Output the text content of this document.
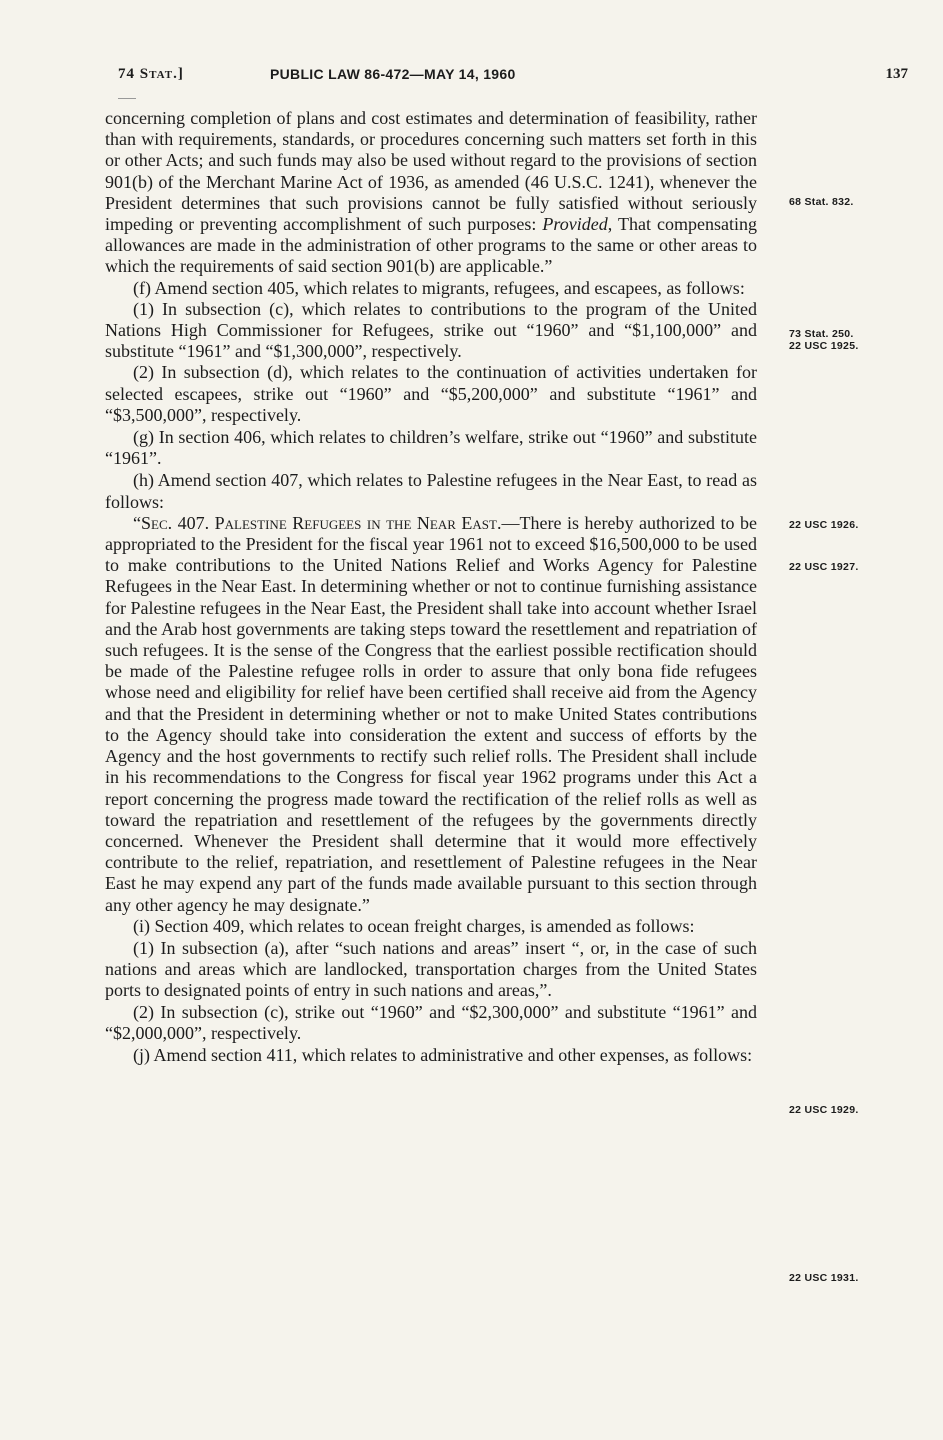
74 Stat.]	PUBLIC LAW 86-472—MAY 14, 1960	137

concerning completion of plans and cost estimates and determination of feasibility, rather than with requirements, standards, or procedures concerning such matters set forth in this or other Acts; and such funds may also be used without regard to the provisions of section 901(b) of the Merchant Marine Act of 1936, as amended (46 U.S.C. 1241), whenever the President determines that such provisions cannot be fully satisfied without seriously impeding or preventing accomplishment of such purposes: Provided, That compensating allowances are made in the administration of other programs to the same or other areas to which the requirements of said section 901(b) are applicable.”

(f) Amend section 405, which relates to migrants, refugees, and escapees, as follows:

(1) In subsection (c), which relates to contributions to the program of the United Nations High Commissioner for Refugees, strike out “1960” and “$1,100,000” and substitute “1961” and “$1,300,000”, respectively.

(2) In subsection (d), which relates to the continuation of activities undertaken for selected escapees, strike out “1960” and “$5,200,000” and substitute “1961” and “$3,500,000”, respectively.

(g) In section 406, which relates to children’s welfare, strike out “1960” and substitute “1961”.

(h) Amend section 407, which relates to Palestine refugees in the Near East, to read as follows:

“Sec. 407. Palestine Refugees in the Near East.—There is hereby authorized to be appropriated to the President for the fiscal year 1961 not to exceed $16,500,000 to be used to make contributions to the United Nations Relief and Works Agency for Palestine Refugees in the Near East. In determining whether or not to continue furnishing assistance for Palestine refugees in the Near East, the President shall take into account whether Israel and the Arab host governments are taking steps toward the resettlement and repatriation of such refugees. It is the sense of the Congress that the earliest possible rectification should be made of the Palestine refugee rolls in order to assure that only bona fide refugees whose need and eligibility for relief have been certified shall receive aid from the Agency and that the President in determining whether or not to make United States contributions to the Agency should take into consideration the extent and success of efforts by the Agency and the host governments to rectify such relief rolls. The President shall include in his recommendations to the Congress for fiscal year 1962 programs under this Act a report concerning the progress made toward the rectification of the relief rolls as well as toward the repatriation and resettlement of the refugees by the governments directly concerned. Whenever the President shall determine that it would more effectively contribute to the relief, repatriation, and resettlement of Palestine refugees in the Near East he may expend any part of the funds made available pursuant to this section through any other agency he may designate.”

(i) Section 409, which relates to ocean freight charges, is amended as follows:

(1) In subsection (a), after “such nations and areas” insert “, or, in the case of such nations and areas which are landlocked, transportation charges from the United States ports to designated points of entry in such nations and areas,”.

(2) In subsection (c), strike out “1960” and “$2,300,000” and substitute “1961” and “$2,000,000”, respectively.

(j) Amend section 411, which relates to administrative and other expenses, as follows:

68 Stat. 832.
73 Stat. 250.
22 USC 1925.
22 USC 1926.
22 USC 1927.
22 USC 1929.
22 USC 1931.
